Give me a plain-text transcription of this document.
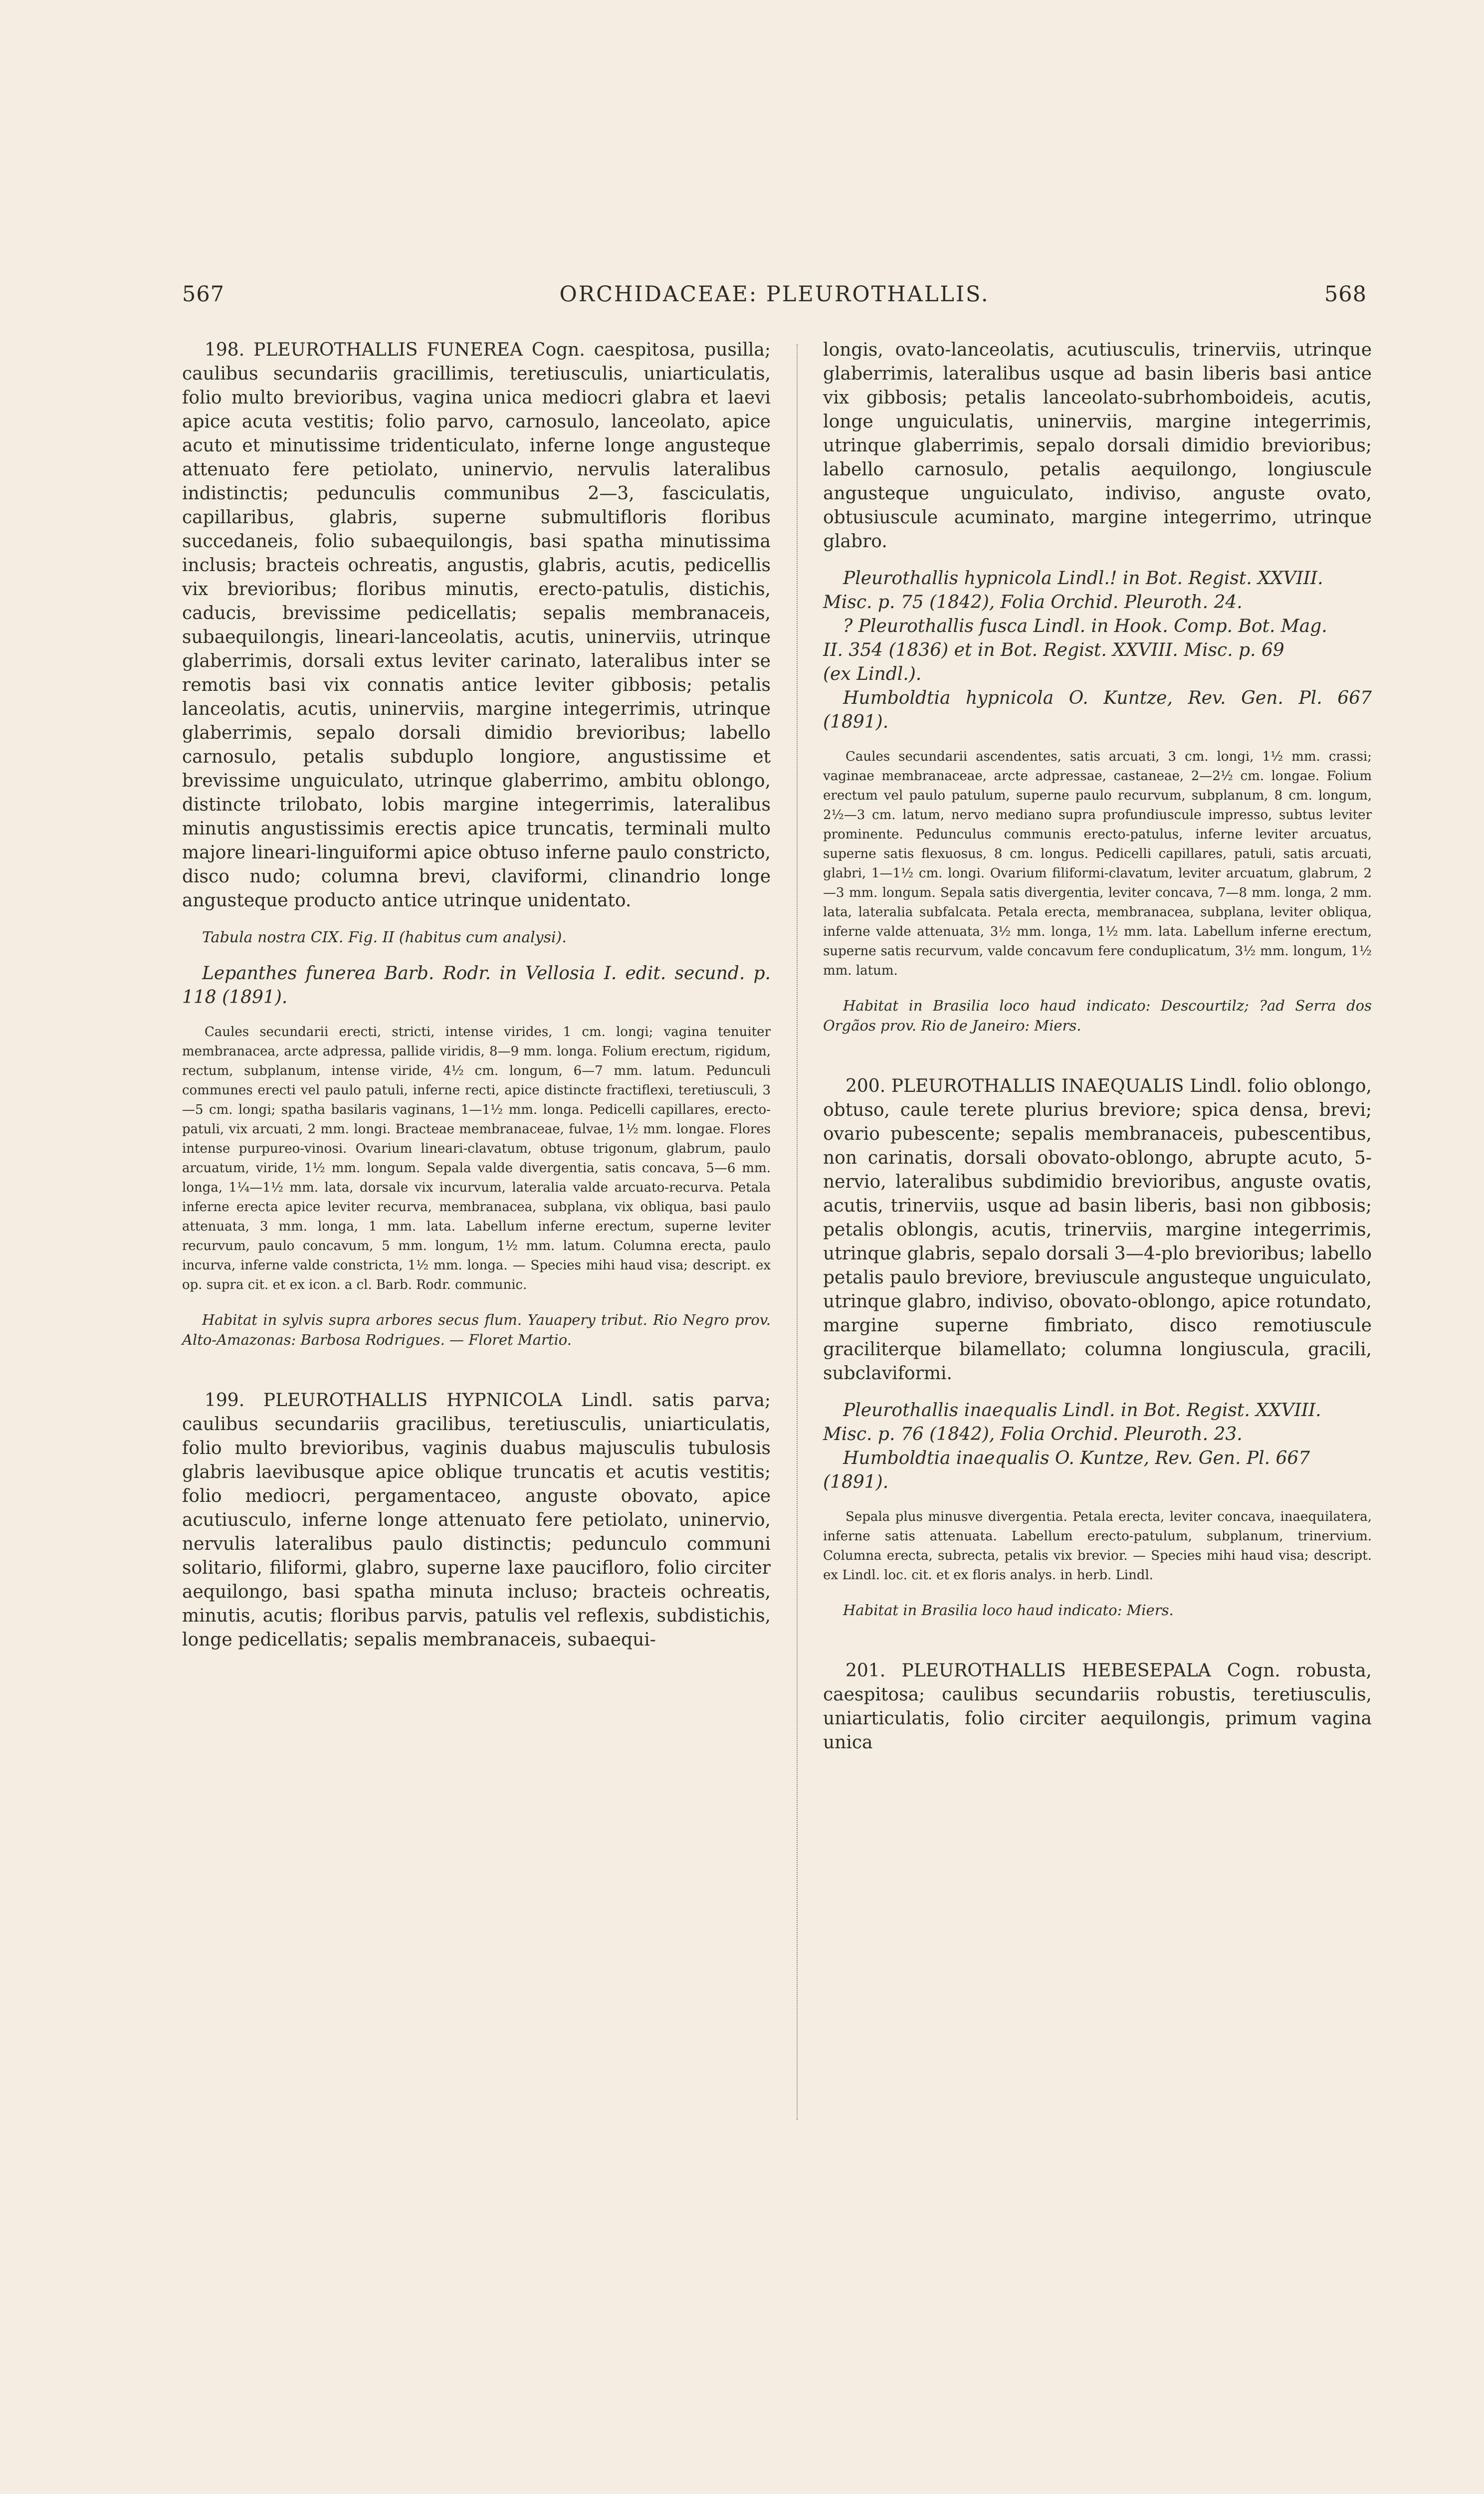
567	ORCHIDACEAE: PLEUROTHALLIS.	568

198. PLEUROTHALLIS FUNEREA Cogn. caespitosa, pusilla; caulibus secundariis gracillimis, teretiusculis, uniarticulatis, folio multo brevioribus, vagina unica mediocri glabra et laevi apice acuta vestitis; folio parvo, carnosulo, lanceolato, apice acuto et minutissime tridenticulato, inferne longe angusteque attenuato fere petiolato, uninervio, nervulis lateralibus indistinctis; pedunculis communibus 2—3, fasciculatis, capillaribus, glabris, superne submultifloris floribus succedaneis, folio subaequilongis, basi spatha minutissima inclusis; bracteis ochreatis, angustis, glabris, acutis, pedicellis vix brevioribus; floribus minutis, erecto-patulis, distichis, caducis, brevissime pedicellatis; sepalis membranaceis, subaequilongis, lineari-lanceolatis, acutis, uninerviis, utrinque glaberrimis, dorsali extus leviter carinato, lateralibus inter se remotis basi vix connatis antice leviter gibbosis; petalis lanceolatis, acutis, uninerviis, margine integerrimis, utrinque glaberrimis, sepalo dorsali dimidio brevioribus; labello carnosulo, petalis subduplo longiore, angustissime et brevissime unguiculato, utrinque glaberrimo, ambitu oblongo, distincte trilobato, lobis margine integerrimis, lateralibus minutis angustissimis erectis apice truncatis, terminali multo majore lineari-linguiformi apice obtuso inferne paulo constricto, disco nudo; columna brevi, claviformi, clinandrio longe angusteque producto antice utrinque unidentato.

Tabula nostra CIX. Fig. II (habitus cum analysi).

Lepanthes funerea Barb. Rodr. in Vellosia I. edit. secund. p. 118 (1891).

Caules secundarii erecti, stricti, intense virides, 1 cm. longi; vagina tenuiter membranacea, arcte adpressa, pallide viridis, 8—9 mm. longa. Folium erectum, rigidum, rectum, subplanum, intense viride, 4½ cm. longum, 6—7 mm. latum. Pedunculi communes erecti vel paulo patuli, inferne recti, apice distincte fractiflexi, teretiusculi, 3—5 cm. longi; spatha basilaris vaginans, 1—1½ mm. longa. Pedicelli capillares, erecto-patuli, vix arcuati, 2 mm. longi. Bracteae membranaceae, fulvae, 1½ mm. longae. Flores intense purpureo-vinosi. Ovarium lineari-clavatum, obtuse trigonum, glabrum, paulo arcuatum, viride, 1½ mm. longum. Sepala valde divergentia, satis concava, 5—6 mm. longa, 1¼—1½ mm. lata, dorsale vix incurvum, lateralia valde arcuato-recurva. Petala inferne erecta apice leviter recurva, membranacea, subplana, vix obliqua, basi paulo attenuata, 3 mm. longa, 1 mm. lata. Labellum inferne erectum, superne leviter recurvum, paulo concavum, 5 mm. longum, 1½ mm. latum. Columna erecta, paulo incurva, inferne valde constricta, 1½ mm. longa. — Species mihi haud visa; descript. ex op. supra cit. et ex icon. a cl. Barb. Rodr. communic.

Habitat in sylvis supra arbores secus flum. Yauapery tribut. Rio Negro prov. Alto-Amazonas: Barbosa Rodrigues. — Floret Martio.

199. PLEUROTHALLIS HYPNICOLA Lindl. satis parva; caulibus secundariis gracilibus, teretiusculis, uniarticulatis, folio multo brevioribus, vaginis duabus majusculis tubulosis glabris laevibusque apice oblique truncatis et acutis vestitis; folio mediocri, pergamentaceo, anguste obovato, apice acutiusculo, inferne longe attenuato fere petiolato, uninervio, nervulis lateralibus paulo distinctis; pedunculo communi solitario, filiformi, glabro, superne laxe paucifloro, folio circiter aequilongo, basi spatha minuta incluso; bracteis ochreatis, minutis, acutis; floribus parvis, patulis vel reflexis, subdistichis, longe pedicellatis; sepalis membranaceis, subaequi-

longis, ovato-lanceolatis, acutiusculis, trinerviis, utrinque glaberrimis, lateralibus usque ad basin liberis basi antice vix gibbosis; petalis lanceolato-subrhomboideis, acutis, longe unguiculatis, uninerviis, margine integerrimis, utrinque glaberrimis, sepalo dorsali dimidio brevioribus; labello carnosulo, petalis aequilongo, longiuscule angusteque unguiculato, indiviso, anguste ovato, obtusiuscule acuminato, margine integerrimo, utrinque glabro.

Pleurothallis hypnicola Lindl.! in Bot. Regist. XXVIII.
Misc. p. 75 (1842), Folia Orchid. Pleuroth. 24.
? Pleurothallis fusca Lindl. in Hook. Comp. Bot. Mag.
II. 354 (1836) et in Bot. Regist. XXVIII. Misc. p. 69
(ex Lindl.).
Humboldtia hypnicola O. Kuntze, Rev. Gen. Pl. 667 (1891).

Caules secundarii ascendentes, satis arcuati, 3 cm. longi, 1½ mm. crassi; vaginae membranaceae, arcte adpressae, castaneae, 2—2½ cm. longae. Folium erectum vel paulo patulum, superne paulo recurvum, subplanum, 8 cm. longum, 2½—3 cm. latum, nervo mediano supra profundiuscule impresso, subtus leviter prominente. Pedunculus communis erecto-patulus, inferne leviter arcuatus, superne satis flexuosus, 8 cm. longus. Pedicelli capillares, patuli, satis arcuati, glabri, 1—1½ cm. longi. Ovarium filiformi-clavatum, leviter arcuatum, glabrum, 2—3 mm. longum. Sepala satis divergentia, leviter concava, 7—8 mm. longa, 2 mm. lata, lateralia subfalcata. Petala erecta, membranacea, subplana, leviter obliqua, inferne valde attenuata, 3½ mm. longa, 1½ mm. lata. Labellum inferne erectum, superne satis recurvum, valde concavum fere conduplicatum, 3½ mm. longum, 1½ mm. latum.

Habitat in Brasilia loco haud indicato: Descourtilz; ?ad Serra dos Orgãos prov. Rio de Janeiro: Miers.

200. PLEUROTHALLIS INAEQUALIS Lindl. folio oblongo, obtuso, caule terete plurius breviore; spica densa, brevi; ovario pubescente; sepalis membranaceis, pubescentibus, non carinatis, dorsali obovato-oblongo, abrupte acuto, 5-nervio, lateralibus subdimidio brevioribus, anguste ovatis, acutis, trinerviis, usque ad basin liberis, basi non gibbosis; petalis oblongis, acutis, trinerviis, margine integerrimis, utrinque glabris, sepalo dorsali 3—4-plo brevioribus; labello petalis paulo breviore, breviuscule angusteque unguiculato, utrinque glabro, indiviso, obovato-oblongo, apice rotundato, margine superne fimbriato, disco remotiuscule graciliterque bilamellato; columna longiuscula, gracili, subclaviformi.

Pleurothallis inaequalis Lindl. in Bot. Regist. XXVIII.
Misc. p. 76 (1842), Folia Orchid. Pleuroth. 23.
Humboldtia inaequalis O. Kuntze, Rev. Gen. Pl. 667
(1891).

Sepala plus minusve divergentia. Petala erecta, leviter concava, inaequilatera, inferne satis attenuata. Labellum erecto-patulum, subplanum, trinervium. Columna erecta, subrecta, petalis vix brevior. — Species mihi haud visa; descript. ex Lindl. loc. cit. et ex floris analys. in herb. Lindl.

Habitat in Brasilia loco haud indicato: Miers.

201. PLEUROTHALLIS HEBESEPALA Cogn. robusta, caespitosa; caulibus secundariis robustis, teretiusculis, uniarticulatis, folio circiter aequilongis, primum vagina unica
